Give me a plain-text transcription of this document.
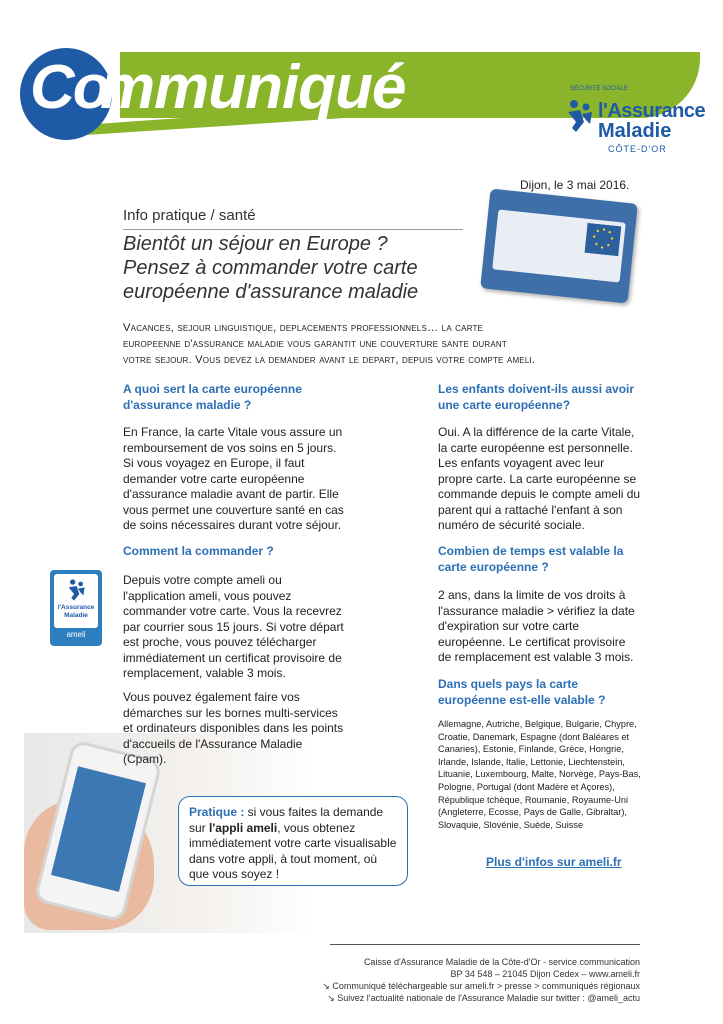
Co
mmuniqué	SÉCURITÉ SOCIALE
l'Assurance
Maladie
CÔTE-D'OR
Dijon, le 3 mai 2016.
Info pratique / santé
Bientôt un séjour en Europe ?
Pensez à commander votre carte
européenne d'assurance maladie
Vacances, sejour linguistique, deplacements professionnels… la carte
europeenne d'assurance maladie vous garantit une couverture sante durant
votre sejour. Vous devez la demander avant le depart, depuis votre compte ameli.
A quoi sert la carte européenne
d'assurance maladie ?
En France, la carte Vitale vous assure un
remboursement de vos soins en 5 jours.
Si vous voyagez en Europe, il faut
demander votre carte européenne
d'assurance maladie avant de partir. Elle
vous permet une couverture santé en cas
de soins nécessaires durant votre séjour.
Comment la commander ?
l'Assurance
Maladie
ameli
Depuis votre compte ameli ou
l'application ameli, vous pouvez
commander votre carte. Vous la recevrez
par courrier sous 15 jours. Si votre départ
est proche, vous pouvez télécharger
immédiatement un certificat provisoire de
remplacement, valable 3 mois.
Vous pouvez également faire vos
démarches sur les bornes multi-services
et ordinateurs disponibles dans les points
d'accueils de l'Assurance Maladie
(Cpam).
Pratique : si vous faites la demande sur l'appli ameli, vous obtenez immédiatement votre carte visualisable dans votre appli, à tout moment, où que vous soyez !
Les enfants doivent-ils aussi avoir
une carte européenne?
Oui. A la différence de la carte Vitale,
la carte européenne est personnelle.
Les enfants voyagent avec leur
propre carte. La carte européenne se
commande depuis le compte ameli du
parent qui a rattaché l'enfant à son
numéro de sécurité sociale.
Combien de temps est valable la
carte européenne ?
2 ans, dans la limite de vos droits à
l'assurance maladie > vérifiez la date
d'expiration sur votre carte
européenne. Le certificat provisoire
de remplacement est valable 3 mois.
Dans quels pays la carte
européenne est-elle valable ?
Allemagne, Autriche, Belgique, Bulgarie, Chypre,
Croatie, Danemark, Espagne (dont Baléares et
Canaries), Estonie, Finlande, Grèce, Hongrie,
Irlande, Islande, Italie, Lettonie, Liechtenstein,
Lituanie, Luxembourg, Malte, Norvège, Pays-Bas,
Pologne, Portugal (dont Madère et Açores),
République tchèque, Roumanie, Royaume-Uni
(Angleterre, Ecosse, Pays de Galle, Gibraltar),
Slovaquie, Slovénie, Suède, Suisse
Plus d'infos sur ameli.fr
Caisse d'Assurance Maladie de la Côte-d'Or - service communication
BP 34 548 – 21045 Dijon Cedex – www.ameli.fr
↘ Communiqué téléchargeable sur ameli.fr > presse > communiqués régionaux
↘ Suivez l'actualité nationale de l'Assurance Maladie sur twitter : @ameli_actu
